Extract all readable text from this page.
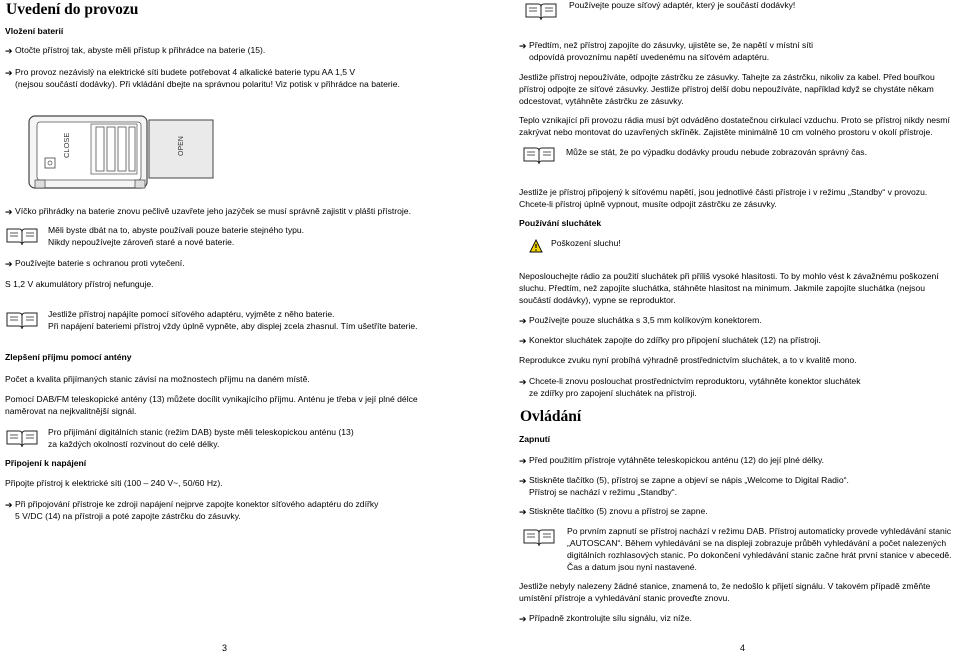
Uvedení do provozu
Vložení baterií
➔ Otočte přístroj tak, abyste měli přístup k přihrádce na baterie (15).
➔ Pro provoz nezávislý na elektrické síti budete potřebovat 4 alkalické baterie typu AA 1,5 V
(nejsou součástí dodávky). Při vkládání dbejte na správnou polaritu! Viz potisk v přihrádce na baterie.
CLOSE	OPEN
➔ Víčko přihrádky na baterie znovu pečlivě uzavřete jeho jazýček se musí správně zajistit v plášti přístroje.
Měli byste dbát na to, abyste používali pouze baterie stejného typu.
Nikdy nepoužívejte zároveň staré a nové baterie.
➔ Používejte baterie s ochranou proti vytečení.
S 1,2 V akumulátory přístroj nefunguje.
Jestliže přístroj napájíte pomocí síťového adaptéru, vyjměte z něho baterie.
Při napájení bateriemi přístroj vždy úplně vypněte, aby displej zcela zhasnul. Tím ušetříte baterie.
Zlepšení příjmu pomocí antény
Počet a kvalita přijímaných stanic závisí na možnostech příjmu na daném místě.
Pomocí DAB/FM teleskopické antény (13) můžete docílit vynikajícího příjmu. Anténu je třeba v její plné délce
naměrovat na nejkvalitnější signál.
Pro přijímání digitálních stanic (režim DAB) byste měli teleskopickou anténu (13)
za každých okolností rozvinout do celé délky.
Připojení k napájení
Připojte přístroj k elektrické síti (100 – 240 V~, 50/60 Hz).
➔ Při připojování přístroje ke zdroji napájení nejprve zapojte konektor síťového adaptéru do zdířky
5 V/DC (14) na přístroji a poté zapojte zástrčku do zásuvky.
3
Používejte pouze síťový adaptér, který je součástí dodávky!
➔ Předtím, než přístroj zapojíte do zásuvky, ujistěte se, že napětí v místní síti
odpovídá provoznímu napětí uvedenému na síťovém adaptéru.
Jestliže přístroj nepoužíváte, odpojte zástrčku ze zásuvky. Tahejte za zástrčku, nikoliv za kabel. Před bouřkou přístroj odpojte ze síťové zásuvky. Jestliže přístroj delší dobu nepoužíváte, například když se chystáte někam odcestovat, vytáhněte zástrčku ze zásuvky.
Teplo vznikající při provozu rádia musí být odváděno dostatečnou cirkulací vzduchu. Proto se přístroj nikdy nesmí zakrývat nebo montovat do uzavřených skříněk. Zajistěte minimálně 10 cm volného prostoru v okolí přístroje.
Může se stát, že po výpadku dodávky proudu nebude zobrazován správný čas.
Jestliže je přístroj připojený k síťovému napětí, jsou jednotlivé části přístroje i v režimu „Standby“ v provozu. Chcete-li přístroj úplně vypnout, musíte odpojit zástrčku ze zásuvky.
Používání sluchátek
Poškození sluchu!
Neposlouchejte rádio za použití sluchátek při příliš vysoké hlasitosti. To by mohlo vést k závažnému poškození sluchu. Předtím, než zapojíte sluchátka, stáhněte hlasitost na minimum. Jakmile zapojíte sluchátka (nejsou součástí dodávky), vypne se reproduktor.
➔ Používejte pouze sluchátka s 3,5 mm kolíkovým konektorem.
➔ Konektor sluchátek zapojte do zdířky pro připojení sluchátek (12) na přístroji.
Reprodukce zvuku nyní probíhá výhradně prostřednictvím sluchátek, a to v kvalitě mono.
➔ Chcete-li znovu poslouchat prostřednictvím reproduktoru, vytáhněte konektor sluchátek
ze zdířky pro zapojení sluchátek na přístroji.
Ovládání
Zapnutí
➔ Před použitím přístroje vytáhněte teleskopickou anténu (12) do její plné délky.
➔ Stiskněte tlačítko (5), přístroj se zapne a objeví se nápis „Welcome to Digital Radio“.
Přístroj se nachází v režimu „Standby“.
➔ Stiskněte tlačítko (5) znovu a přístroj se zapne.
Po prvním zapnutí se přístroj nachází v režimu DAB. Přístroj automaticky provede vyhledávání stanic „AUTOSCAN“. Během vyhledávání se na displeji zobrazuje průběh vyhledávání a počet nalezených digitálních rozhlasových stanic. Po dokončení vyhledávání stanic začne hrát první stanice v abecedě. Čas a datum jsou nyní nastavené.
Jestliže nebyly nalezeny žádné stanice, znamená to, že nedošlo k přijetí signálu. V takovém případě změňte umístění přístroje a vyhledávání stanic proveďte znovu.
➔ Případně zkontrolujte sílu signálu, viz níže.
4
